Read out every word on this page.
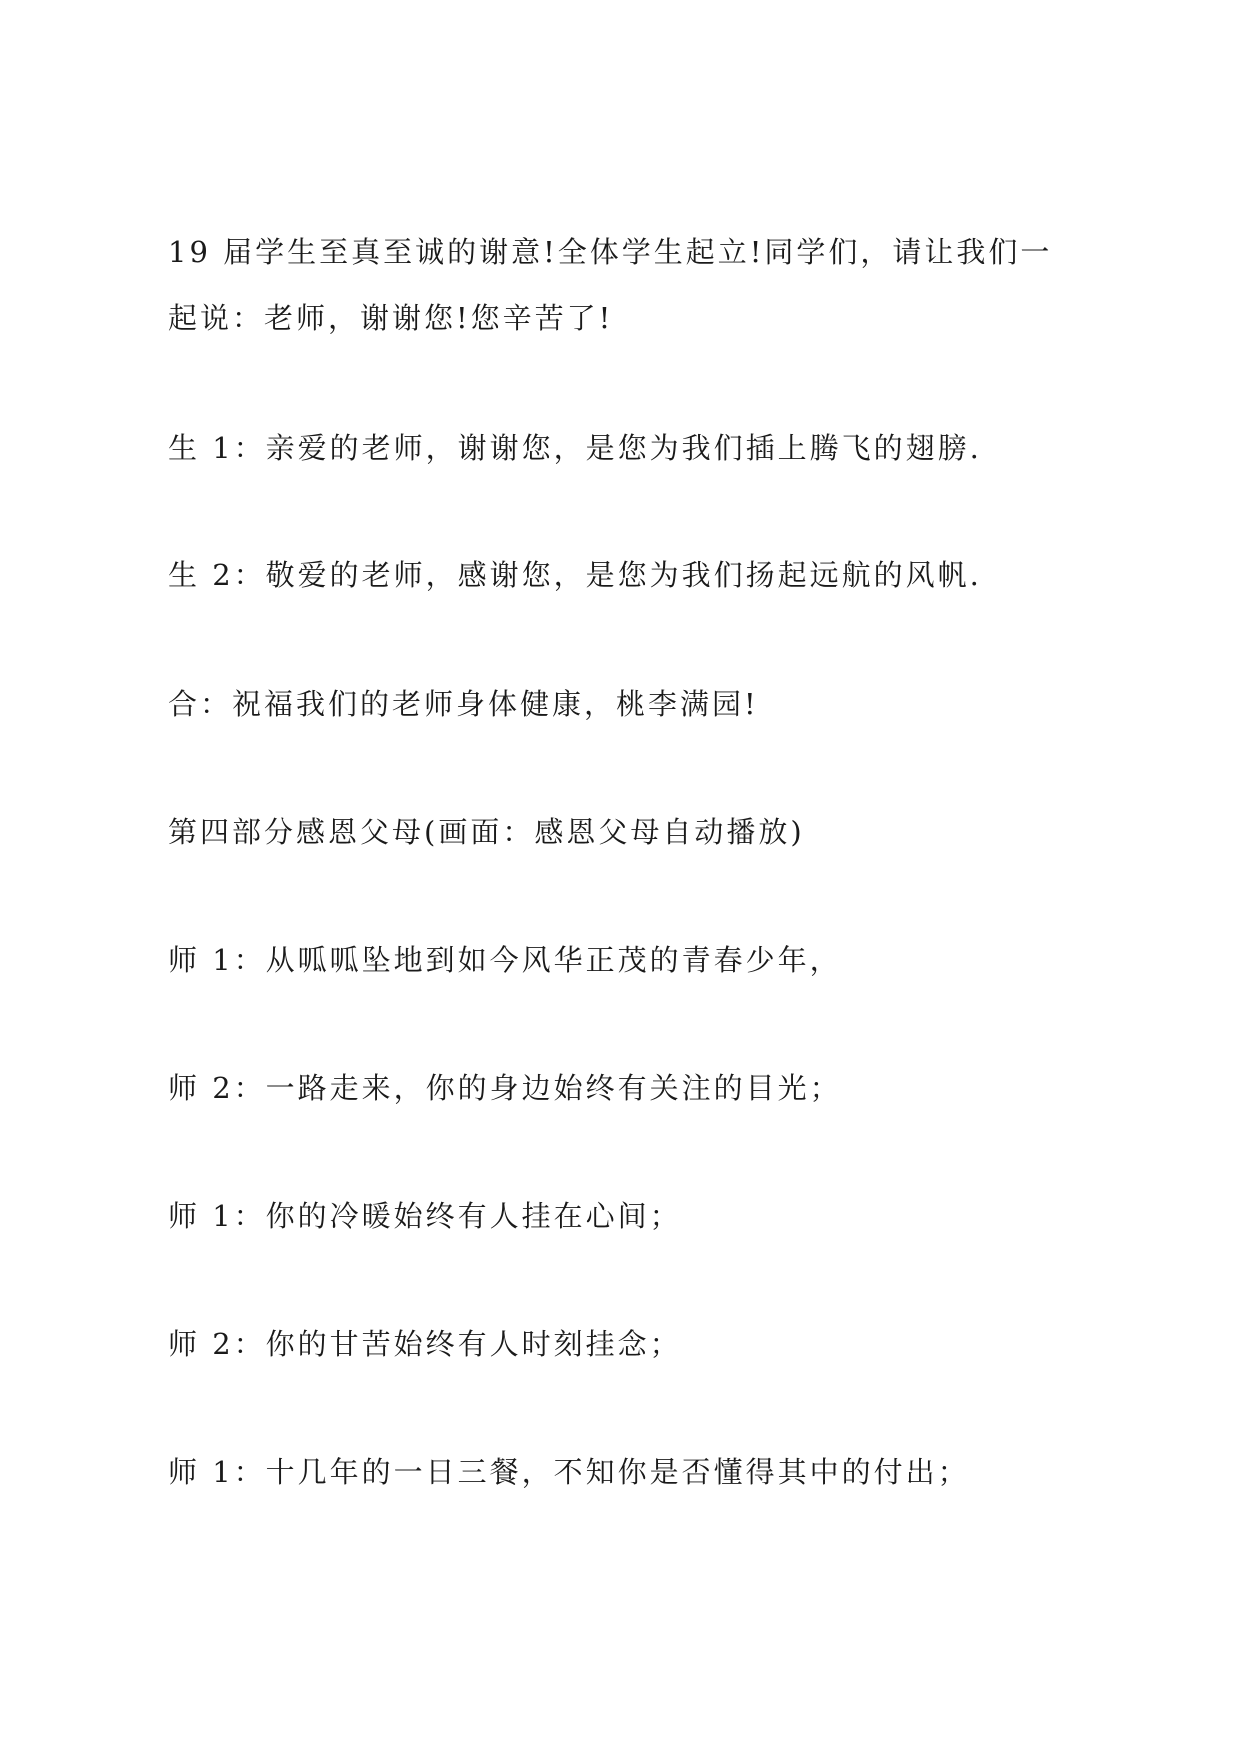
19 届学生至真至诚的谢意!全体学生起立!同学们，请让我们一
起说：老师，谢谢您!您辛苦了!
生 1：亲爱的老师，谢谢您，是您为我们插上腾飞的翅膀.
生 2：敬爱的老师，感谢您，是您为我们扬起远航的风帆.
合：祝福我们的老师身体健康，桃李满园!
第四部分感恩父母(画面：感恩父母自动播放)
师 1：从呱呱坠地到如今风华正茂的青春少年，
师 2：一路走来，你的身边始终有关注的目光；
师 1：你的冷暖始终有人挂在心间；
师 2：你的甘苦始终有人时刻挂念；
师 1：十几年的一日三餐，不知你是否懂得其中的付出；
